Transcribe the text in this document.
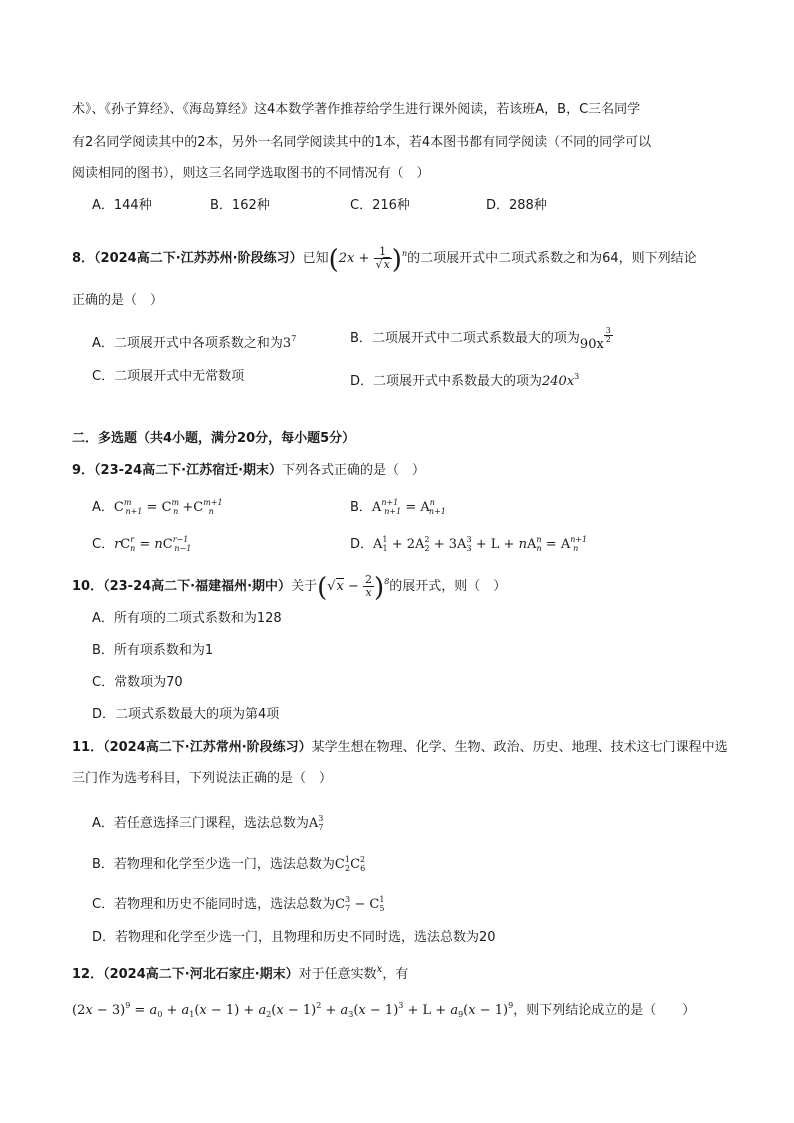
术》、《孙子算经》、《海岛算经》这4本数学著作推荐给学生进行课外阅读，若该班A，B，C三名同学
有2名同学阅读其中的2本，另外一名同学阅读其中的1本，若4本图书都有同学阅读（不同的同学可以
阅读相同的图书），则这三名同学选取图书的不同情况有（　）
A．144种	B．162种	C．216种	D．288种
8．（2024高二下·江苏苏州·阶段练习）已知$(2x + \frac{1}{√x} )^n$的二项展开式中二项式系数之和为64，则下列结论
正确的是（　）
A．二项展开式中各项系数之和为$3^7$	B．二项展开式中二项式系数最大的项为90x
$\frac{3}{2}$
C．二项展开式中无常数项	D．二项展开式中系数最大的项为$240x^3$
二．多选题（共4小题，满分20分，每小题5分）
9．（23-24高二下·江苏宿迁·期末）下列各式正确的是（　）
A．$C^m_{n+1} = C^m_n +C^{m+1}_n$	B．$A^{n+1}_{n+1} = A^n_{n+1}$
C．$rC^r_n = nC^{r-1}_{n-1}$	D．$A^1_1 + 2A^2_2 + 3A^3_3 + L + nA^n_n = A^{n+1}_n$
10．（23-24高二下·福建福州·期中）关于$(√x - \frac{2}{x} )^8$的展开式，则（　）
A．所有项的二项式系数和为128
B．所有项系数和为1
C．常数项为70
D．二项式系数最大的项为第4项
11．（2024高二下·江苏常州·阶段练习）某学生想在物理、化学、生物、政治、历史、地理、技术这七门课程中选
三门作为选考科目，下列说法正确的是（　）
A．若任意选择三门课程，选法总数为$A^3_7$
B．若物理和化学至少选一门，选法总数为$C^1_2C^2_6$
C．若物理和历史不能同时选，选法总数为$C^3_7 - C^1_5$
D．若物理和化学至少选一门，且物理和历史不同时选，选法总数为20
12．（2024高二下·河北石家庄·期末）对于任意实数$^x$，有
$(2x - 3)^9 = a_0 + a_1(x - 1) + a_2(x - 1)^2 + a_3(x - 1)^3 + L + a_9(x - 1)^9$，则下列结论成立的是（　　）
